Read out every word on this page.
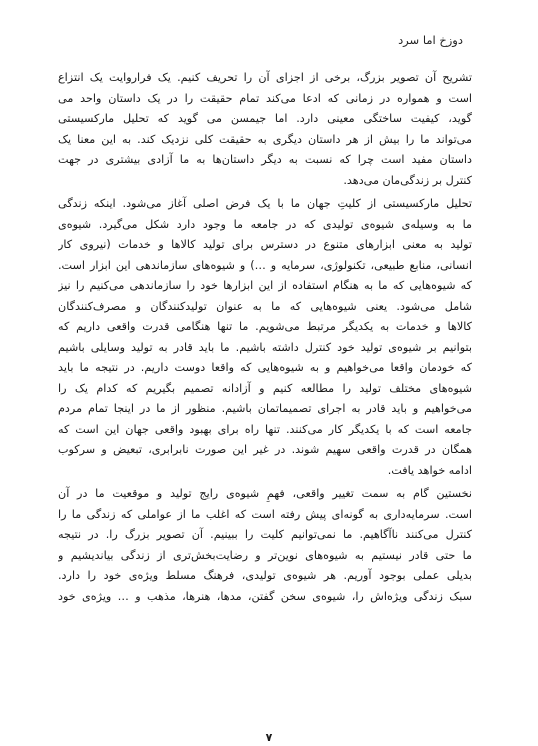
دوزخ اما سرد

تشریح آن تصویر بزرگ، برخی از اجزای آن را تحریف کنیم. یک فراروایت یک انتزاع
است و همواره در زمانی که ادعا می‌کند تمام حقیقت را در یک داستان واحد می
گوید، کیفیت ساختگی معینی دارد. اما جیمسن می گوید که تحلیل مارکسیستی
می‌تواند ما را بیش از هر داستان دیگری به حقیقت کلی نزدیک کند. به این معنا یک
داستان مفید است چرا که نسبت به دیگر داستان‌ها به ما آزادی بیشتری در جهت
کنترل بر زندگی‌مان می‌دهد.

تحلیل مارکسیستی از کلیتِ جهان ما با یک فرض اصلی آغاز می‌شود. اینکه زندگی
ما به وسیله‌ی شیوه‌ی تولیدی که در جامعه ما وجود دارد شکل می‌گیرد. شیوه‌ی
تولید به معنی ابزارهای متنوع در دسترس برای تولید کالاها و خدمات (نیروی کار
انسانی، منابع طبیعی، تکنولوژی، سرمایه و …) و شیوه‌های سازماندهی این ابزار است.
که شیوه‌هایی که ما به هنگام استفاده از این ابزارها خود را سازماندهی می‌کنیم را نیز
شامل می‌شود. یعنی شیوه‌هایی که ما به عنوان تولیدکنندگان و مصرف‌کنندگان
کالاها و خدمات به یکدیگر مرتبط می‌شویم. ما تنها هنگامی قدرت واقعی داریم که
بتوانیم بر شیوه‌ی تولید خود کنترل داشته باشیم. ما باید قادر به تولید وسایلی باشیم
که خودمان واقعا می‌خواهیم و به شیوه‌هایی که واقعا دوست داریم. در نتیجه ما باید
شیوه‌های مختلف تولید را مطالعه کنیم و آزادانه تصمیم بگیریم که کدام یک را
می‌خواهیم و باید قادر به اجرای تصمیماتمان باشیم. منظور از ما در اینجا تمام مردم
جامعه است که با یکدیگر کار می‌کنند. تنها راه برای بهبود واقعی جهان این است که
همگان در قدرت واقعی سهیم شوند. در غیر این صورت نابرابری، تبعیض و سرکوب
ادامه خواهد یافت.

نخستین گام به سمت تغییر واقعی، فهمِ شیوه‌ی رایج تولید و موقعیت ما در آن
است. سرمایه‌داری به گونه‌ای پیش رفته است که اغلب ما از عواملی که زندگی ما را
کنترل می‌کنند ناآگاهیم. ما نمی‌توانیم کلیت را ببینیم. آن تصویر بزرگ را. در نتیجه
ما حتی قادر نیستیم به شیوه‌های نوین‌تر و رضایت‌بخش‌تری از زندگی بیاندیشیم و
بدیلی عملی بوجود آوریم. هر شیوه‌ی تولیدی، فرهنگ مسلط ویژه‌ی خود را دارد.
سبک زندگی ویژه‌اش را، شیوه‌ی سخن گفتن، مدها، هنرها، مذهب و … ویژه‌ی خود

۷
